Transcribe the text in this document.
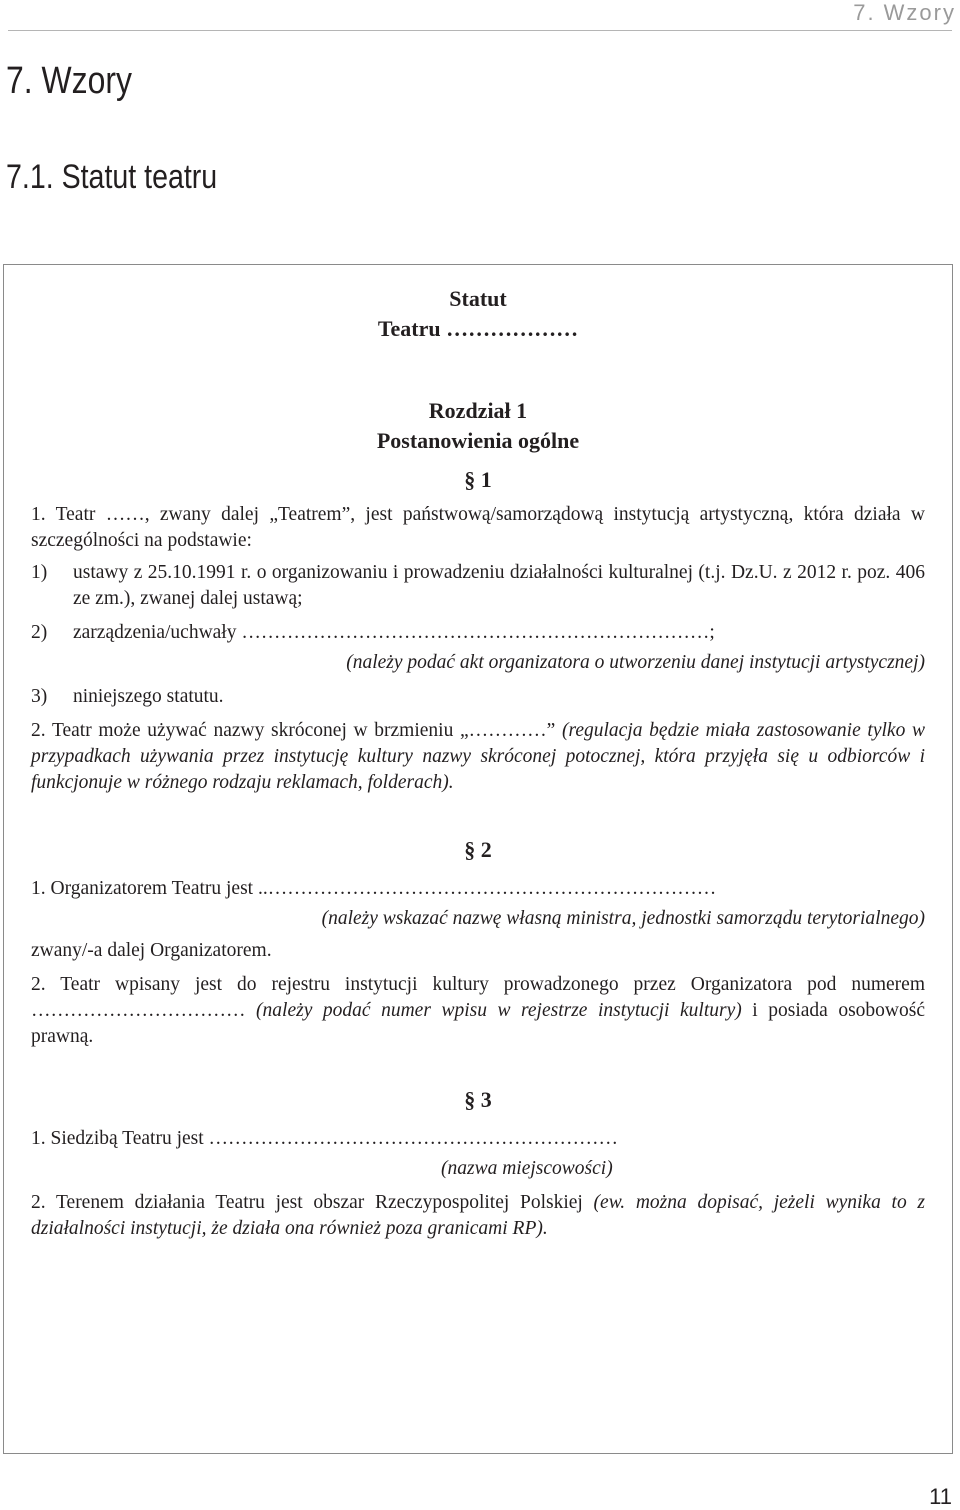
7. Wzory
7. Wzory
7.1. Statut teatru
Statut
Teatru ………………
Rozdział 1
Postanowienia ogólne
§ 1

1. Teatr ……, zwany dalej „Teatrem”, jest państwową/samorządową instytucją artystyczną, która działa w szczególności na podstawie:

1)	ustawy z 25.10.1991 r. o organizowaniu i prowadzeniu działalności kulturalnej (t.j. Dz.U. z 2012 r. poz. 406 ze zm.), zwanej dalej ustawą;
2)	zarządzenia/uchwały ………………………………………………………………;
(należy podać akt organizatora o utworzeniu danej instytucji artystycznej)
3)	niniejszego statutu.

2. Teatr może używać nazwy skróconej w brzmieniu „…………” (regulacja będzie miała zastosowanie tylko w przypadkach używania przez instytucję kultury nazwy skróconej potocznej, która przyjęła się u odbiorców i funkcjonuje w różnego rodzaju reklamach, folderach).

§ 2

1. Organizatorem Teatru jest ..……………………………………………………………

(należy wskazać nazwę własną ministra, jednostki samorządu terytorialnego)

zwany/-a dalej Organizatorem.

2. Teatr wpisany jest do rejestru instytucji kultury prowadzonego przez Organizatora pod numerem …………………………… (należy podać numer wpisu w rejestrze instytucji kultury) i posiada osobowość prawną.

§ 3

1. Siedzibą Teatru jest ………………………………………………………

(nazwa miejscowości)

2. Terenem działania Teatru jest obszar Rzeczypospolitej Polskiej (ew. można dopisać, jeżeli wynika to z działalności instytucji, że działa ona również poza granicami RP).

11
